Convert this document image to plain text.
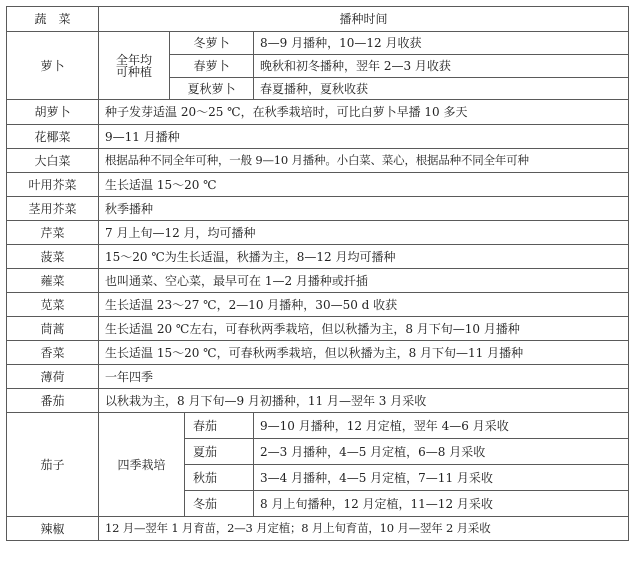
蔬　菜	播种时间			
萝卜	全年均可种植	冬萝卜		8—9 月播种，10—12 月收获
		春萝卜		晚秋和初冬播种，翌年 2—3 月收获
		夏秋萝卜		春夏播种，夏秋收获
胡萝卜	种子发芽适温 20～25 ℃，在秋季栽培时，可比白萝卜早播 10 多天			
花椰菜	9—11 月播种			
大白菜	根据品种不同全年可种，一般 9—10 月播种。小白菜、菜心，根据品种不同全年可种			
叶用芥菜	生长适温 15～20 ℃			
茎用芥菜	秋季播种			
芹菜	7 月上旬—12 月，均可播种			
菠菜	15～20 ℃为生长适温，秋播为主，8—12 月均可播种			
蕹菜	也叫通菜、空心菜，最早可在 1—2 月播种或扦插			
苋菜	生长适温 23～27 ℃，2—10 月播种，30—50 d 收获			
茼蒿	生长适温 20 ℃左右，可春秋两季栽培，但以秋播为主，8 月下旬—10 月播种			
香菜	生长适温 15～20 ℃，可春秋两季栽培，但以秋播为主，8 月下旬—11 月播种			
薄荷	一年四季			
番茄	以秋栽为主，8 月下旬—9 月初播种，11 月—翌年 3 月采收			
茄子	四季栽培		春茄	9—10 月播种，12 月定植，翌年 4—6 月采收
			夏茄	2—3 月播种，4—5 月定植，6—8 月采收
			秋茄	3—4 月播种，4—5 月定植，7—11 月采收
			冬茄	8 月上旬播种，12 月定植，11—12 月采收
辣椒	12 月—翌年 1 月育苗，2—3 月定植；8 月上旬育苗，10 月—翌年 2 月采收			
